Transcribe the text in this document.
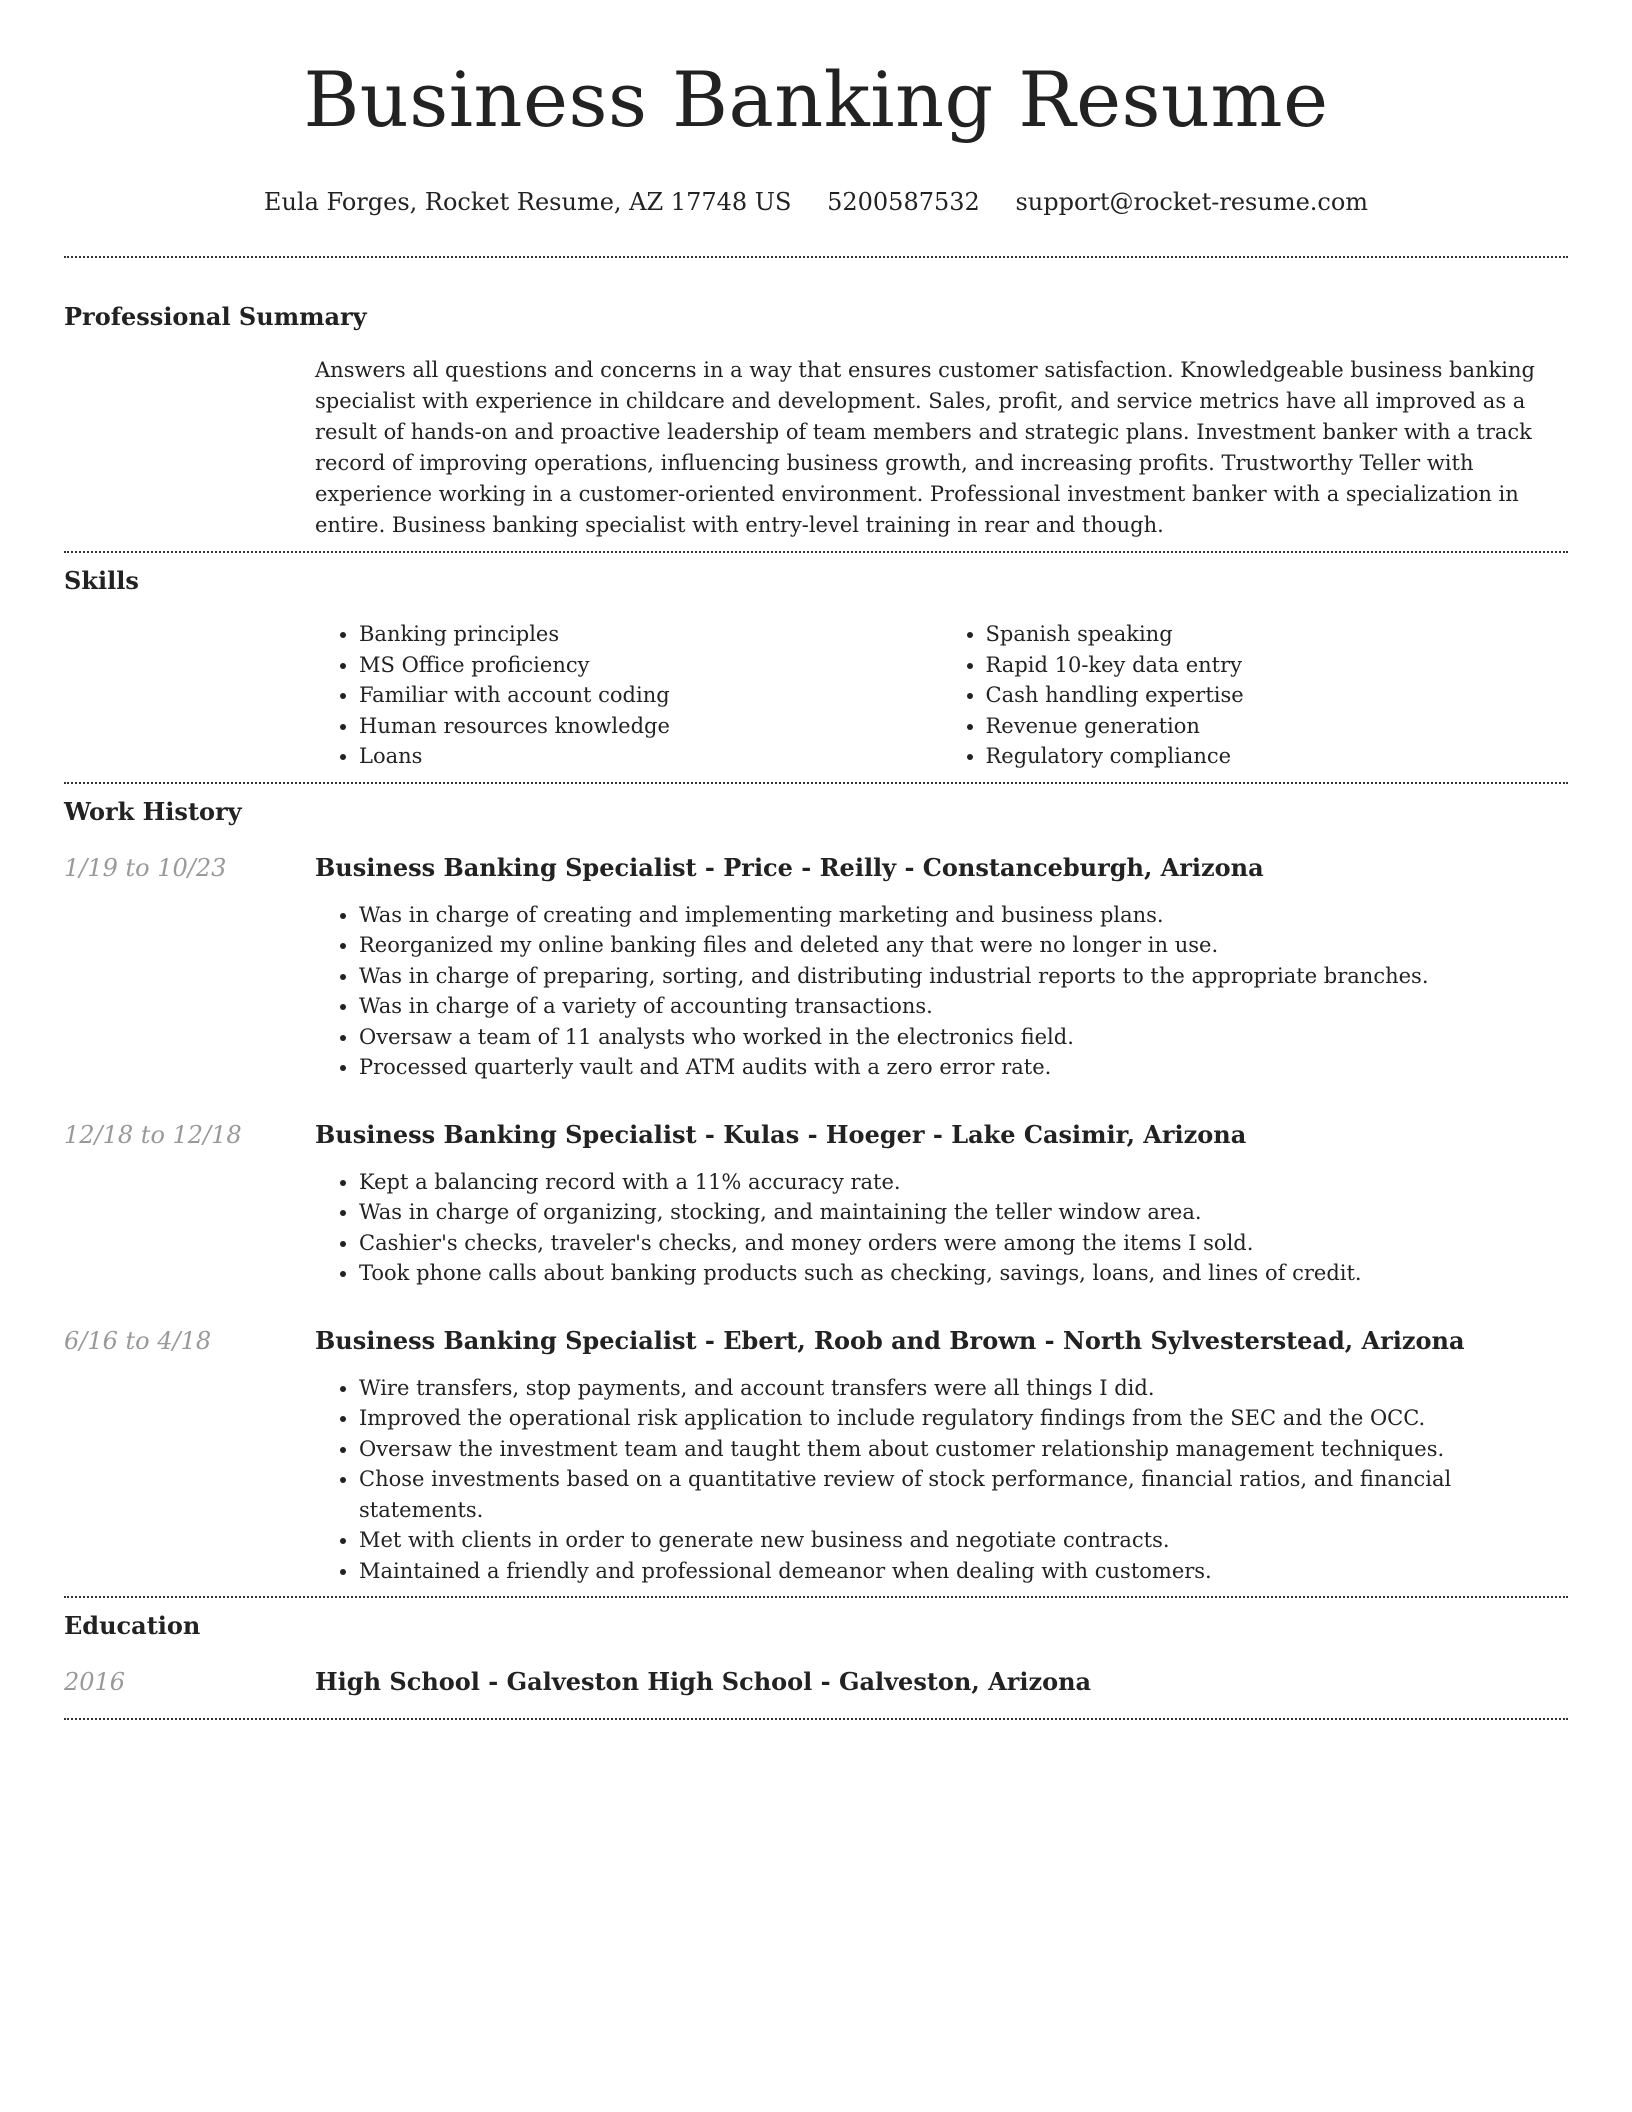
Business Banking Resume
Eula Forges, Rocket Resume, AZ 17748 US 5200587532 support@rocket-resume.com
Professional Summary

Answers all questions and concerns in a way that ensures customer satisfaction. Knowledgeable business banking specialist with experience in childcare and development. Sales, profit, and service metrics have all improved as a result of hands-on and proactive leadership of team members and strategic plans. Investment banker with a track record of improving operations, influencing business growth, and increasing profits. Trustworthy Teller with experience working in a customer-oriented environment. Professional investment banker with a specialization in entire. Business banking specialist with entry-level training in rear and though.

Skills
• Banking principles
• MS Office proficiency
• Familiar with account coding
• Human resources knowledge
• Loans
• Spanish speaking
• Rapid 10-key data entry
• Cash handling expertise
• Revenue generation
• Regulatory compliance
Work History
1/19 to 10/23	Business Banking Specialist - Price - Reilly - Constanceburgh, Arizona
• Was in charge of creating and implementing marketing and business plans.
• Reorganized my online banking files and deleted any that were no longer in use.
• Was in charge of preparing, sorting, and distributing industrial reports to the appropriate branches.
• Was in charge of a variety of accounting transactions.
• Oversaw a team of 11 analysts who worked in the electronics field.
• Processed quarterly vault and ATM audits with a zero error rate.
12/18 to 12/18	Business Banking Specialist - Kulas - Hoeger - Lake Casimir, Arizona
• Kept a balancing record with a 11% accuracy rate.
• Was in charge of organizing, stocking, and maintaining the teller window area.
• Cashier's checks, traveler's checks, and money orders were among the items I sold.
• Took phone calls about banking products such as checking, savings, loans, and lines of credit.
6/16 to 4/18	Business Banking Specialist - Ebert, Roob and Brown - North Sylvesterstead, Arizona
• Wire transfers, stop payments, and account transfers were all things I did.
• Improved the operational risk application to include regulatory findings from the SEC and the OCC.
• Oversaw the investment team and taught them about customer relationship management techniques.
• Chose investments based on a quantitative review of stock performance, financial ratios, and financial statements.
• Met with clients in order to generate new business and negotiate contracts.
• Maintained a friendly and professional demeanor when dealing with customers.
Education
2016	High School - Galveston High School - Galveston, Arizona
